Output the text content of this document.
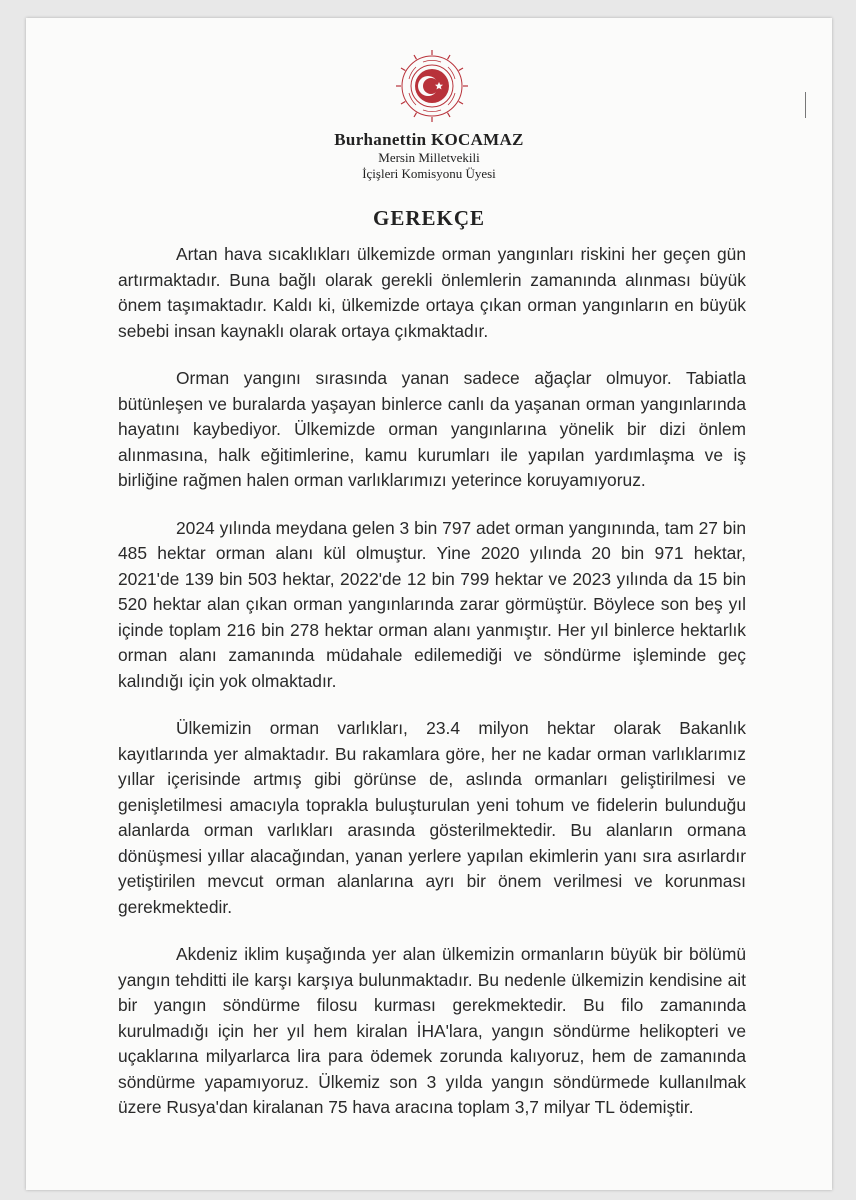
Burhanettin KOCAMAZ
Mersin Milletvekili
İçişleri Komisyonu Üyesi
GEREKÇE

Artan hava sıcaklıkları ülkemizde orman yangınları riskini her geçen gün artırmaktadır. Buna bağlı olarak gerekli önlemlerin zamanında alınması büyük önem taşımaktadır. Kaldı ki, ülkemizde ortaya çıkan orman yangınların en büyük sebebi insan kaynaklı olarak ortaya çıkmaktadır.

Orman yangını sırasında yanan sadece ağaçlar olmuyor. Tabiatla bütünleşen ve buralarda yaşayan binlerce canlı da yaşanan orman yangınlarında hayatını kaybediyor. Ülkemizde orman yangınlarına yönelik bir dizi önlem alınmasına, halk eğitimlerine, kamu kurumları ile yapılan yardımlaşma ve iş birliğine rağmen halen orman varlıklarımızı yeterince koruyamıyoruz.

2024 yılında meydana gelen 3 bin 797 adet orman yangınında, tam 27 bin 485 hektar orman alanı kül olmuştur. Yine 2020 yılında 20 bin 971 hektar, 2021'de 139 bin 503 hektar, 2022'de 12 bin 799 hektar ve 2023 yılında da 15 bin 520 hektar alan çıkan orman yangınlarında zarar görmüştür. Böylece son beş yıl içinde toplam 216 bin 278 hektar orman alanı yanmıştır. Her yıl binlerce hektarlık orman alanı zamanında müdahale edilemediği ve söndürme işleminde geç kalındığı için yok olmaktadır.

Ülkemizin orman varlıkları, 23.4 milyon hektar olarak Bakanlık kayıtlarında yer almaktadır. Bu rakamlara göre, her ne kadar orman varlıklarımız yıllar içerisinde artmış gibi görünse de, aslında ormanları geliştirilmesi ve genişletilmesi amacıyla toprakla buluşturulan yeni tohum ve fidelerin bulunduğu alanlarda orman varlıkları arasında gösterilmektedir. Bu alanların ormana dönüşmesi yıllar alacağından, yanan yerlere yapılan ekimlerin yanı sıra asırlardır yetiştirilen mevcut orman alanlarına ayrı bir önem verilmesi ve korunması gerekmektedir.

Akdeniz iklim kuşağında yer alan ülkemizin ormanların büyük bir bölümü yangın tehditti ile karşı karşıya bulunmaktadır. Bu nedenle ülkemizin kendisine ait bir yangın söndürme filosu kurması gerekmektedir. Bu filo zamanında kurulmadığı için her yıl hem kiralan İHA'lara, yangın söndürme helikopteri ve uçaklarına milyarlarca lira para ödemek zorunda kalıyoruz, hem de zamanında söndürme yapamıyoruz. Ülkemiz son 3 yılda yangın söndürmede kullanılmak üzere Rusya'dan kiralanan 75 hava aracına toplam 3,7 milyar TL ödemiştir.
